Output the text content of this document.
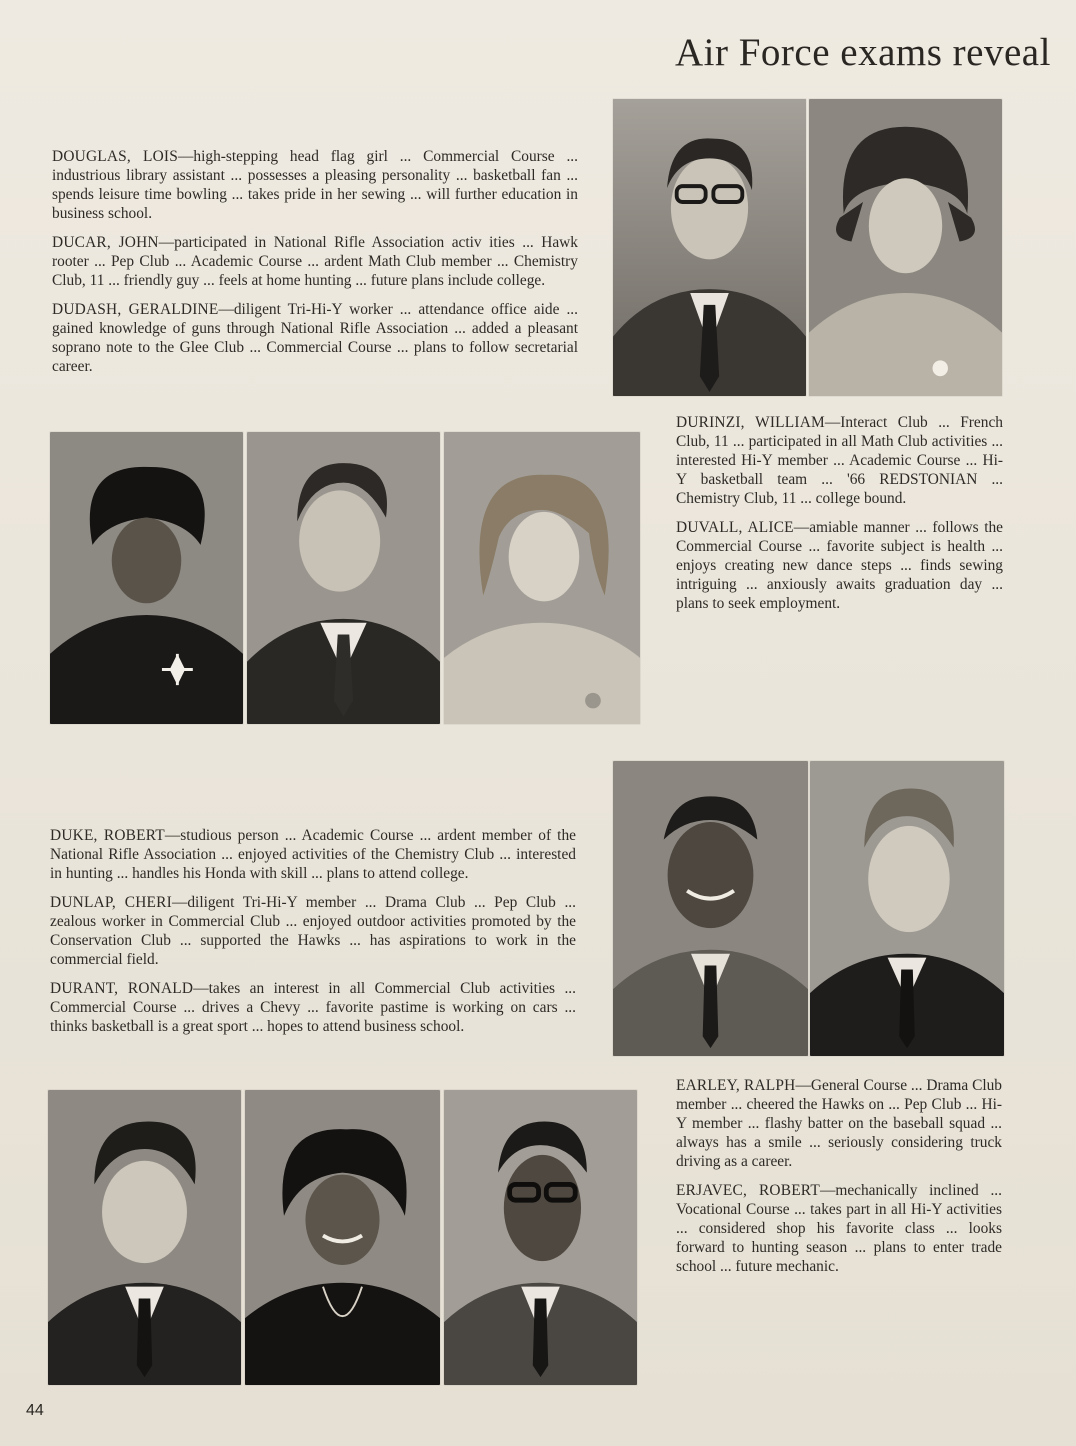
Air Force exams reveal

DOUGLAS, LOIS—high-stepping head flag girl ... Commercial Course ... industrious library assistant ... possesses a pleasing personality ... basketball fan ... spends leisure time bowling ... takes pride in her sewing ... will further education in business school.

DUCAR, JOHN—participated in National Rifle Association activ ities ... Hawk rooter ... Pep Club ... Academic Course ... ardent Math Club member ... Chemistry Club, 11 ... friendly guy ... feels at home hunting ... future plans include college.

DUDASH, GERALDINE—diligent Tri-Hi-Y worker ... attendance office aide ... gained knowledge of guns through National Rifle Association ... added a pleasant soprano note to the Glee Club ... Commercial Course ... plans to follow secretarial career.

DURINZI, WILLIAM—Interact Club ... French Club, 11 ... participated in all Math Club activities ... interested Hi-Y member ... Academic Course ... Hi-Y basketball team ... '66 REDSTONIAN ... Chemistry Club, 11 ... college bound.

DUVALL, ALICE—amiable manner ... follows the Commercial Course ... favorite subject is health ... enjoys creating new dance steps ... finds sewing intriguing ... anxiously awaits graduation day ... plans to seek employment.

DUKE, ROBERT—studious person ... Academic Course ... ardent member of the National Rifle Association ... enjoyed activities of the Chemistry Club ... interested in hunting ... handles his Honda with skill ... plans to attend college.

DUNLAP, CHERI—diligent Tri-Hi-Y member ... Drama Club ... Pep Club ... zealous worker in Commercial Club ... enjoyed outdoor activities promoted by the Conservation Club ... supported the Hawks ... has aspirations to work in the commercial field.

DURANT, RONALD—takes an interest in all Commercial Club activities ... Commercial Course ... drives a Chevy ... favorite pastime is working on cars ... thinks basketball is a great sport ... hopes to attend business school.

EARLEY, RALPH—General Course ... Drama Club member ... cheered the Hawks on ... Pep Club ... Hi-Y member ... flashy batter on the baseball squad ... always has a smile ... seriously considering truck driving as a career.

ERJAVEC, ROBERT—mechanically inclined ... Vocational Course ... takes part in all Hi-Y activities ... considered shop his favorite class ... looks forward to hunting season ... plans to enter trade school ... future mechanic.

44
